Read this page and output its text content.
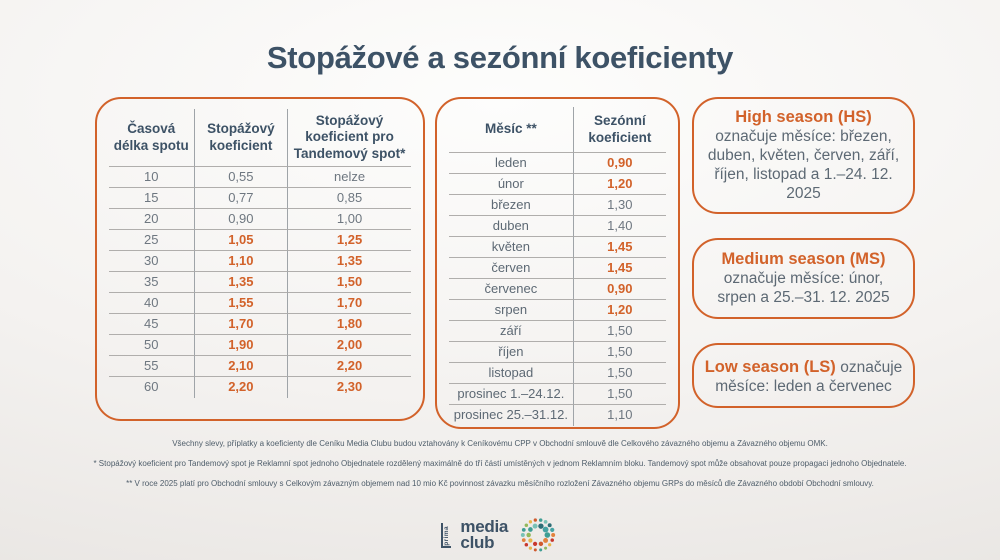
Stopážové a sezónní koeficienty
Časová délka spotu
Stopážový koeficient
Stopážový koeficient pro Tandemový spot*
10	0,55	nelze
15	0,77	0,85
20	0,90	1,00
25	1,05	1,25
30	1,10	1,35
35	1,35	1,50
40	1,55	1,70
45	1,70	1,80
50	1,90	2,00
55	2,10	2,20
60	2,20	2,30
Měsíc **
Sezónní koeficient
leden	0,90
únor	1,20
březen	1,30
duben	1,40
květen	1,45
červen	1,45
červenec	0,90
srpen	1,20
září	1,50
říjen	1,50
listopad	1,50
prosinec 1.–24.12.	1,50
prosinec 25.–31.12.	1,10
High season (HS)
označuje měsíce: březen, duben, květen, červen, září, říjen, listopad a 1.–24. 12. 2025
Medium season (MS)
označuje měsíce: únor, srpen a 25.–31. 12. 2025
Low season (LS) označuje měsíce: leden a červenec
Všechny slevy, příplatky a koeficienty dle Ceníku Media Clubu budou vztahovány k Ceníkovému CPP v Obchodní smlouvě dle Celkového závazného objemu a Závazného objemu OMK.
* Stopážový koeficient pro Tandemový spot je Reklamní spot jednoho Objednatele rozdělený maximálně do tří částí umístěných v jednom Reklamním bloku. Tandemový spot může obsahovat pouze propagaci jednoho Objednatele.
** V roce 2025 platí pro Obchodní smlouvy s Celkovým závazným objemem nad 10 mio Kč povinnost závazku měsíčního rozložení Závazného objemu GRPs do měsíců dle Závazného období Obchodní smlouvy.
prima media
club
